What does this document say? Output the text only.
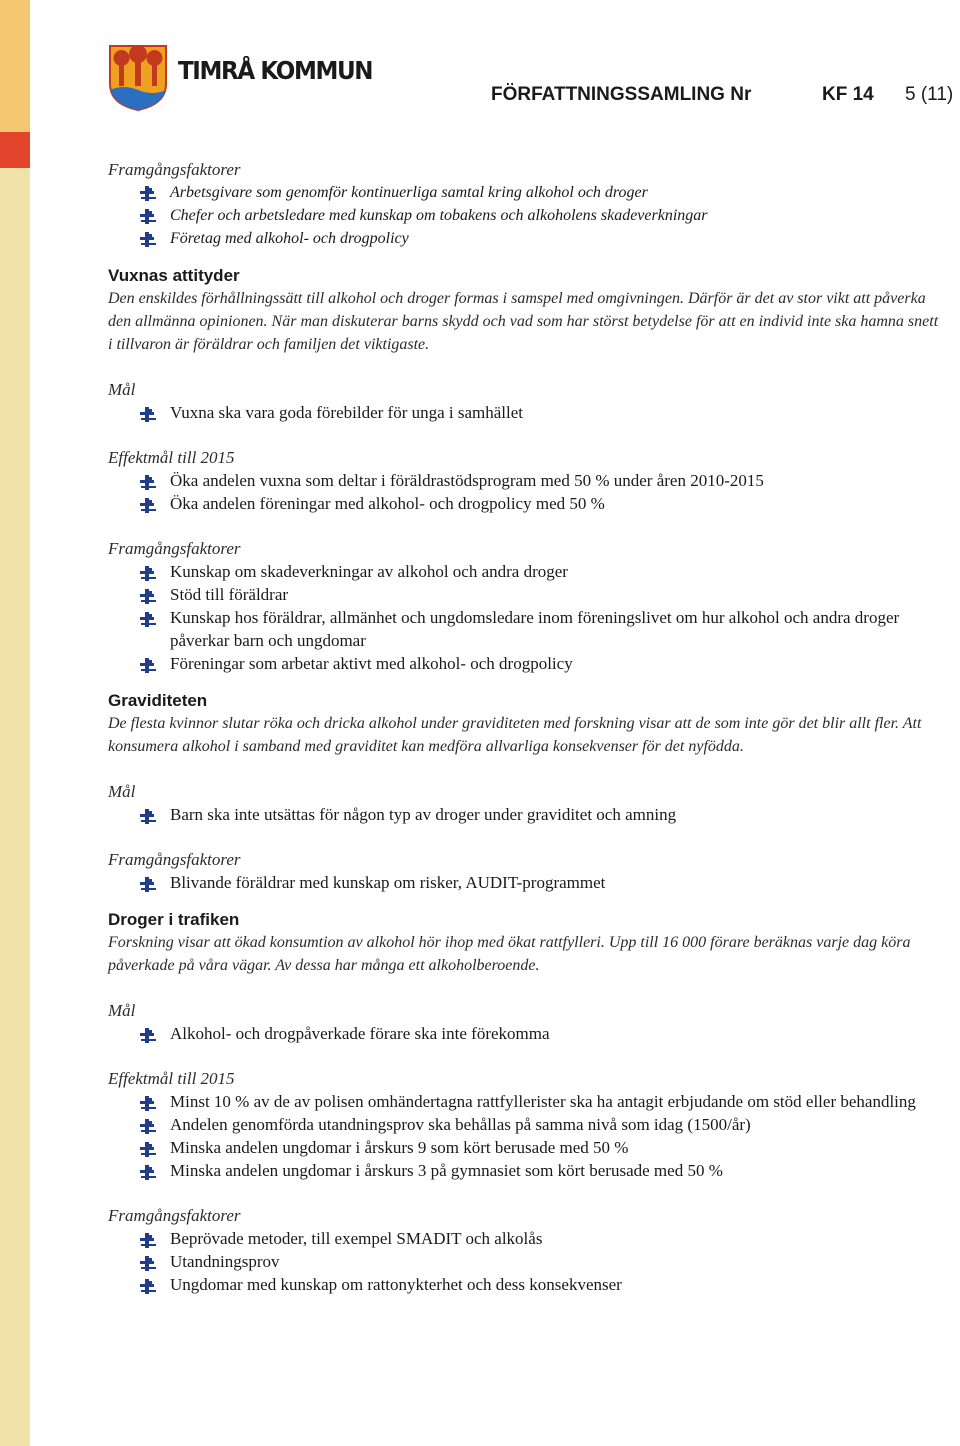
TIMRÅ KOMMUN
FÖRFATTNINGSSAMLING Nr	KF 14 5 (11)
Framgångsfaktorer
Arbetsgivare som genomför kontinuerliga samtal kring alkohol och droger
Chefer och arbetsledare med kunskap om tobakens och alkoholens skadeverkningar
Företag med alkohol- och drogpolicy
Vuxnas attityder
Den enskildes förhållningssätt till alkohol och droger formas i samspel med omgivningen. Därför är det av stor vikt att påverka den allmänna opinionen. När man diskuterar barns skydd och vad som har störst betydelse för att en individ inte ska hamna snett i tillvaron är föräldrar och familjen det viktigaste.
Mål
Vuxna ska vara goda förebilder för unga i samhället
Effektmål till 2015
Öka andelen vuxna som deltar i föräldrastödsprogram med 50 % under åren 2010-2015
Öka andelen föreningar med alkohol- och drogpolicy med 50 %
Framgångsfaktorer
Kunskap om skadeverkningar av alkohol och andra droger
Stöd till föräldrar
Kunskap hos föräldrar, allmänhet och ungdomsledare inom föreningslivet om hur alkohol och andra droger påverkar barn och ungdomar
Föreningar som arbetar aktivt med alkohol- och drogpolicy
Graviditeten
De flesta kvinnor slutar röka och dricka alkohol under graviditeten med forskning visar att de som inte gör det blir allt fler. Att konsumera alkohol i samband med graviditet kan medföra allvarliga konsekvenser för det nyfödda.
Mål
Barn ska inte utsättas för någon typ av droger under graviditet och amning
Framgångsfaktorer
Blivande föräldrar med kunskap om risker, AUDIT-programmet
Droger i trafiken
Forskning visar att ökad konsumtion av alkohol hör ihop med ökat rattfylleri. Upp till 16 000 förare beräknas varje dag köra påverkade på våra vägar. Av dessa har många ett alkoholberoende.
Mål
Alkohol- och drogpåverkade förare ska inte förekomma
Effektmål till 2015
Minst 10 % av de av polisen omhändertagna rattfyllerister ska ha antagit erbjudande om stöd eller behandling
Andelen genomförda utandningsprov ska behållas på samma nivå som idag (1500/år)
Minska andelen ungdomar i årskurs 9 som kört berusade med 50 %
Minska andelen ungdomar i årskurs 3 på gymnasiet som kört berusade med 50 %
Framgångsfaktorer
Beprövade metoder, till exempel SMADIT och alkolås
Utandningsprov
Ungdomar med kunskap om rattonykterhet och dess konsekvenser
